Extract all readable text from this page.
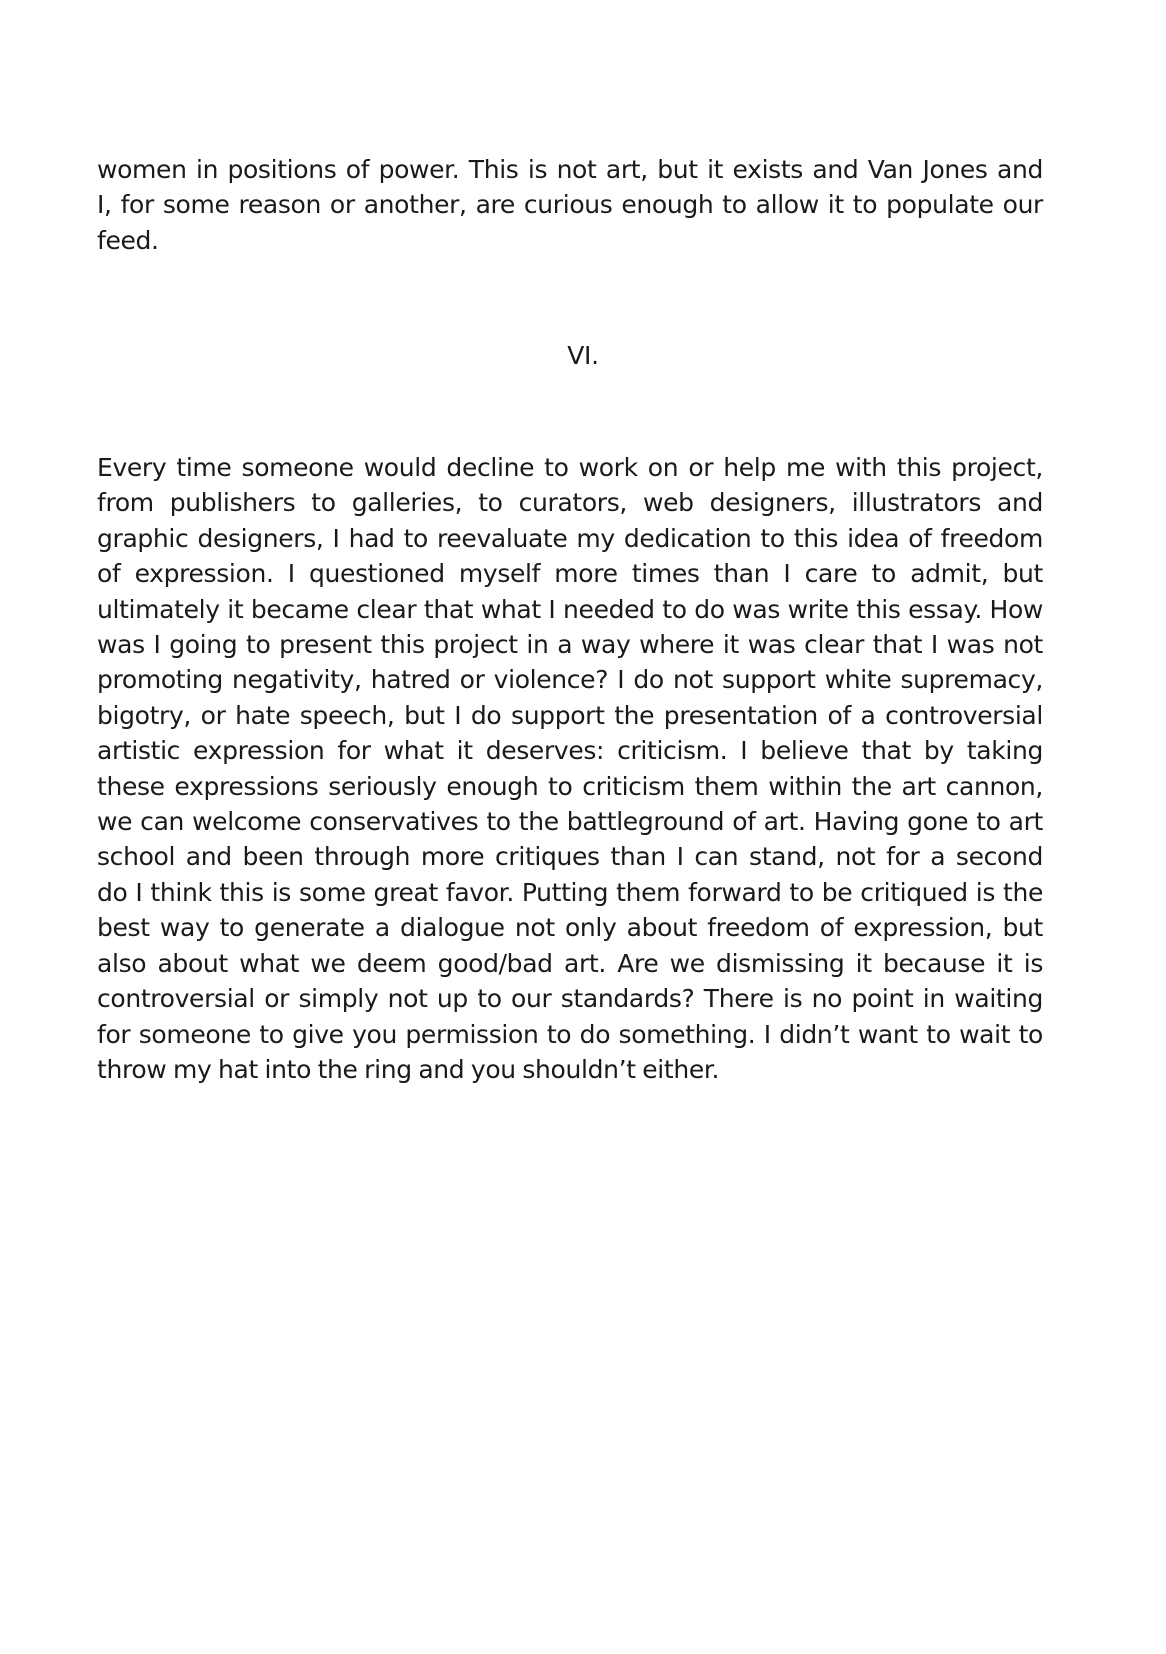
women in positions of power. This is not art, but it exists and Van Jones and
I, for some reason or another, are curious enough to allow it to populate our
feed.
VI.
Every time someone would decline to work on or help me with this project,
from publishers to galleries, to curators, web designers, illustrators and
graphic designers, I had to reevaluate my dedication to this idea of freedom
of expression. I questioned myself more times than I care to admit, but
ultimately it became clear that what I needed to do was write this essay. How
was I going to present this project in a way where it was clear that I was not
promoting negativity, hatred or violence? I do not support white supremacy,
bigotry, or hate speech, but I do support the presentation of a controversial
artistic expression for what it deserves: criticism. I believe that by taking
these expressions seriously enough to criticism them within the art cannon,
we can welcome conservatives to the battleground of art. Having gone to art
school and been through more critiques than I can stand, not for a second
do I think this is some great favor. Putting them forward to be critiqued is the
best way to generate a dialogue not only about freedom of expression, but
also about what we deem good/bad art. Are we dismissing it because it is
controversial or simply not up to our standards? There is no point in waiting
for someone to give you permission to do something. I didn’t want to wait to
throw my hat into the ring and you shouldn’t either.
